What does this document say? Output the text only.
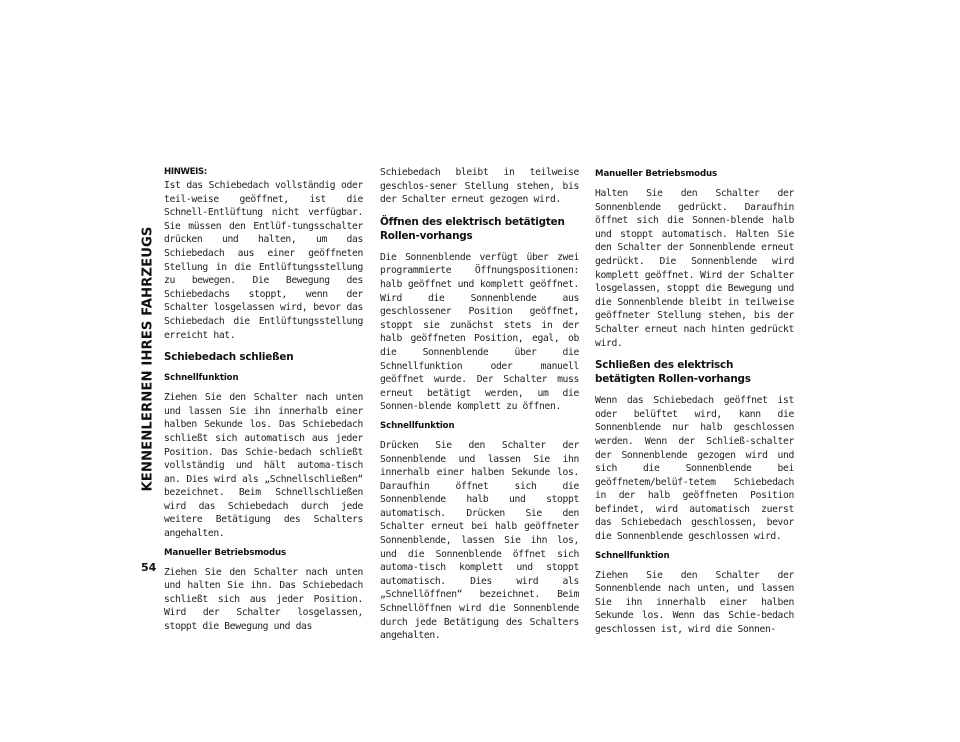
KENNENLERNEN IHRES FAHRZEUGS
54
HINWEIS:
Ist das Schiebedach vollständig oder teil-weise geöffnet, ist die Schnell-Entlüftung nicht verfügbar. Sie müssen den Entlüf-tungsschalter drücken und halten, um das Schiebedach aus einer geöffneten Stellung in die Entlüftungsstellung zu bewegen. Die Bewegung des Schiebedachs stoppt, wenn der Schalter losgelassen wird, bevor das Schiebedach die Entlüftungsstellung erreicht hat.
Schiebedach schließen
Schnellfunktion

Ziehen Sie den Schalter nach unten und lassen Sie ihn innerhalb einer halben Sekunde los. Das Schiebedach schließt sich automatisch aus jeder Position. Das Schie-bedach schließt vollständig und hält automa-tisch an. Dies wird als „Schnellschließen“ bezeichnet. Beim Schnellschließen wird das Schiebedach durch jede weitere Betätigung des Schalters angehalten.

Manueller Betriebsmodus

Ziehen Sie den Schalter nach unten und halten Sie ihn. Das Schiebedach schließt sich aus jeder Position. Wird der Schalter losgelassen, stoppt die Bewegung und das

Schiebedach bleibt in teilweise geschlos-sener Stellung stehen, bis der Schalter erneut gezogen wird.

Öffnen des elektrisch betätigten Rollen-vorhangs

Die Sonnenblende verfügt über zwei programmierte Öffnungspositionen: halb geöffnet und komplett geöffnet. Wird die Sonnenblende aus geschlossener Position geöffnet, stoppt sie zunächst stets in der halb geöffneten Position, egal, ob die Sonnenblende über die Schnellfunktion oder manuell geöffnet wurde. Der Schalter muss erneut betätigt werden, um die Sonnen-blende komplett zu öffnen.

Schnellfunktion

Drücken Sie den Schalter der Sonnenblende und lassen Sie ihn innerhalb einer halben Sekunde los. Daraufhin öffnet sich die Sonnenblende halb und stoppt automatisch. Drücken Sie den Schalter erneut bei halb geöffneter Sonnenblende, lassen Sie ihn los, und die Sonnenblende öffnet sich automa-tisch komplett und stoppt automatisch. Dies wird als „Schnellöffnen“ bezeichnet. Beim Schnellöffnen wird die Sonnenblende durch jede Betätigung des Schalters angehalten.

Manueller Betriebsmodus

Halten Sie den Schalter der Sonnenblende gedrückt. Daraufhin öffnet sich die Sonnen-blende halb und stoppt automatisch. Halten Sie den Schalter der Sonnenblende erneut gedrückt. Die Sonnenblende wird komplett geöffnet. Wird der Schalter losgelassen, stoppt die Bewegung und die Sonnenblende bleibt in teilweise geöffneter Stellung stehen, bis der Schalter erneut nach hinten gedrückt wird.

Schließen des elektrisch betätigten Rollen-vorhangs

Wenn das Schiebedach geöffnet ist oder belüftet wird, kann die Sonnenblende nur halb geschlossen werden. Wenn der Schließ-schalter der Sonnenblende gezogen wird und sich die Sonnenblende bei geöffnetem/belüf-tetem Schiebedach in der halb geöffneten Position befindet, wird automatisch zuerst das Schiebedach geschlossen, bevor die Sonnenblende geschlossen wird.

Schnellfunktion

Ziehen Sie den Schalter der Sonnenblende nach unten, und lassen Sie ihn innerhalb einer halben Sekunde los. Wenn das Schie-bedach geschlossen ist, wird die Sonnen-
